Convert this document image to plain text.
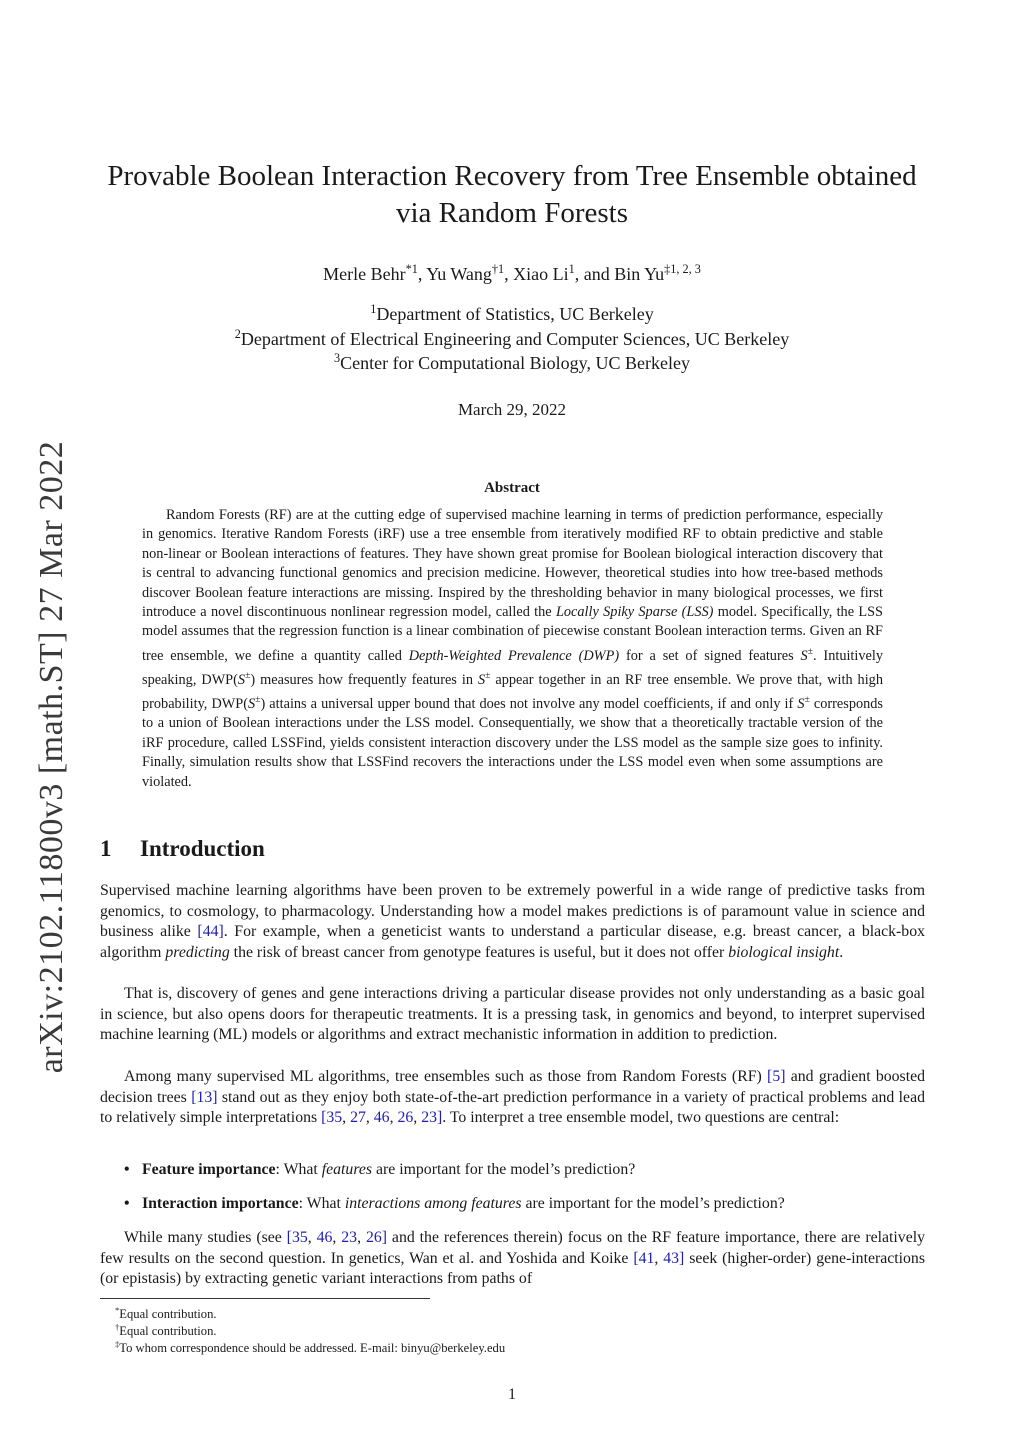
arXiv:2102.11800v3 [math.ST] 27 Mar 2022
Provable Boolean Interaction Recovery from Tree Ensemble obtained
via Random Forests
Merle Behr$^{*1}$, Yu Wang$^{\dagger 1}$, Xiao Li$^1$, and Bin Yu$^{\ddagger 1, 2, 3}$
$^1$Department of Statistics, UC Berkeley
$^2$Department of Electrical Engineering and Computer Sciences, UC Berkeley
$^3$Center for Computational Biology, UC Berkeley
March 29, 2022
Abstract

Random Forests (RF) are at the cutting edge of supervised machine learning in terms of prediction performance, especially in genomics. Iterative Random Forests (iRF) use a tree ensemble from iteratively modified RF to obtain predictive and stable non-linear or Boolean interactions of features. They have shown great promise for Boolean biological interaction discovery that is central to advancing functional genomics and precision medicine. However, theoretical studies into how tree-based methods discover Boolean feature interactions are missing. Inspired by the thresholding behavior in many biological processes, we first introduce a novel discontinuous nonlinear regression model, called the Locally Spiky Sparse (LSS) model. Specifically, the LSS model assumes that the regression function is a linear combination of piecewise constant Boolean interaction terms. Given an RF tree ensemble, we define a quantity called Depth-Weighted Prevalence (DWP) for a set of signed features S±. Intuitively speaking, DWP(S±) measures how frequently features in S± appear together in an RF tree ensemble. We prove that, with high probability, DWP(S±) attains a universal upper bound that does not involve any model coefficients, if and only if S± corresponds to a union of Boolean interactions under the LSS model. Consequentially, we show that a theoretically tractable version of the iRF procedure, called LSSFind, yields consistent interaction discovery under the LSS model as the sample size goes to infinity. Finally, simulation results show that LSSFind recovers the interactions under the LSS model even when some assumptions are violated.

1 Introduction

Supervised machine learning algorithms have been proven to be extremely powerful in a wide range of predictive tasks from genomics, to cosmology, to pharmacology. Understanding how a model makes predictions is of paramount value in science and business alike [44]. For example, when a geneticist wants to understand a particular disease, e.g. breast cancer, a black-box algorithm predicting the risk of breast cancer from genotype features is useful, but it does not offer biological insight.

That is, discovery of genes and gene interactions driving a particular disease provides not only understanding as a basic goal in science, but also opens doors for therapeutic treatments. It is a pressing task, in genomics and beyond, to interpret supervised machine learning (ML) models or algorithms and extract mechanistic information in addition to prediction.

Among many supervised ML algorithms, tree ensembles such as those from Random Forests (RF) [5] and gradient boosted decision trees [13] stand out as they enjoy both state-of-the-art prediction performance in a variety of practical problems and lead to relatively simple interpretations [35, 27, 46, 26, 23]. To interpret a tree ensemble model, two questions are central:

• Feature importance: What features are important for the model’s prediction?
• Interaction importance: What interactions among features are important for the model’s prediction?

While many studies (see [35, 46, 23, 26] and the references therein) focus on the RF feature importance, there are relatively few results on the second question. In genetics, Wan et al. and Yoshida and Koike [41, 43] seek (higher-order) gene-interactions (or epistasis) by extracting genetic variant interactions from paths of

*Equal contribution.
†Equal contribution.
‡To whom correspondence should be addressed. E-mail: binyu@berkeley.edu
1
